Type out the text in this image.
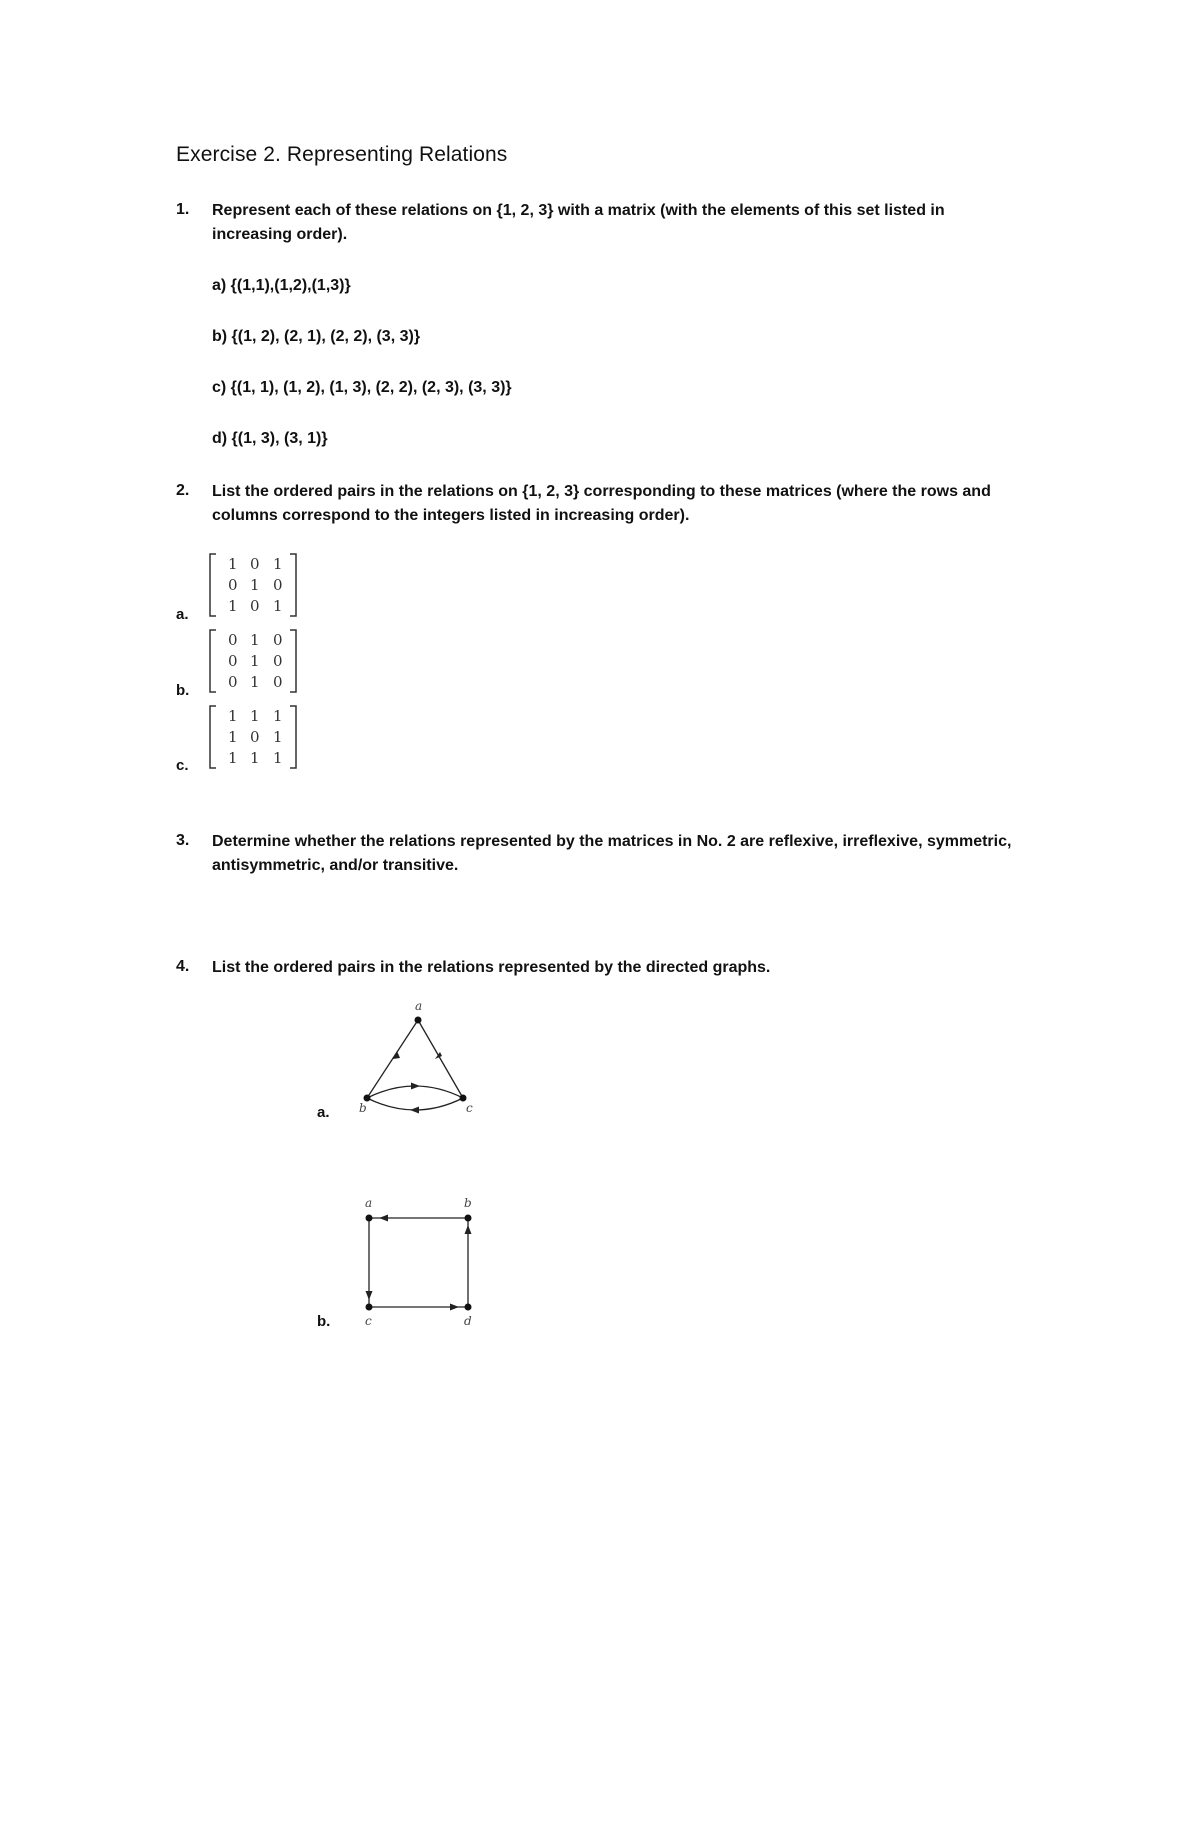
Exercise 2. Representing Relations
1. Represent each of these relations on {1, 2, 3} with a matrix (with the elements of this set listed in
increasing order).
a) {(1,1),(1,2),(1,3)}
b) {(1, 2), (2, 1), (2, 2), (3, 3)}
c) {(1, 1), (1, 2), (1, 3), (2, 2), (2, 3), (3, 3)}
d) {(1, 3), (3, 1)}
2. List the ordered pairs in the relations on {1, 2, 3} corresponding to these matrices (where the rows and
columns correspond to the integers listed in increasing order).
a.
1 0 1
0 1 0
1 0 1
b.
0 1 0
0 1 0
0 1 0
c.
1 1 1
1 0 1
1 1 1
3. Determine whether the relations represented by the matrices in No. 2 are reflexive, irreflexive, symmetric,
antisymmetric, and/or transitive.
4. List the ordered pairs in the relations represented by the directed graphs.
a.
a
b	c
b.
a	b
c	d
